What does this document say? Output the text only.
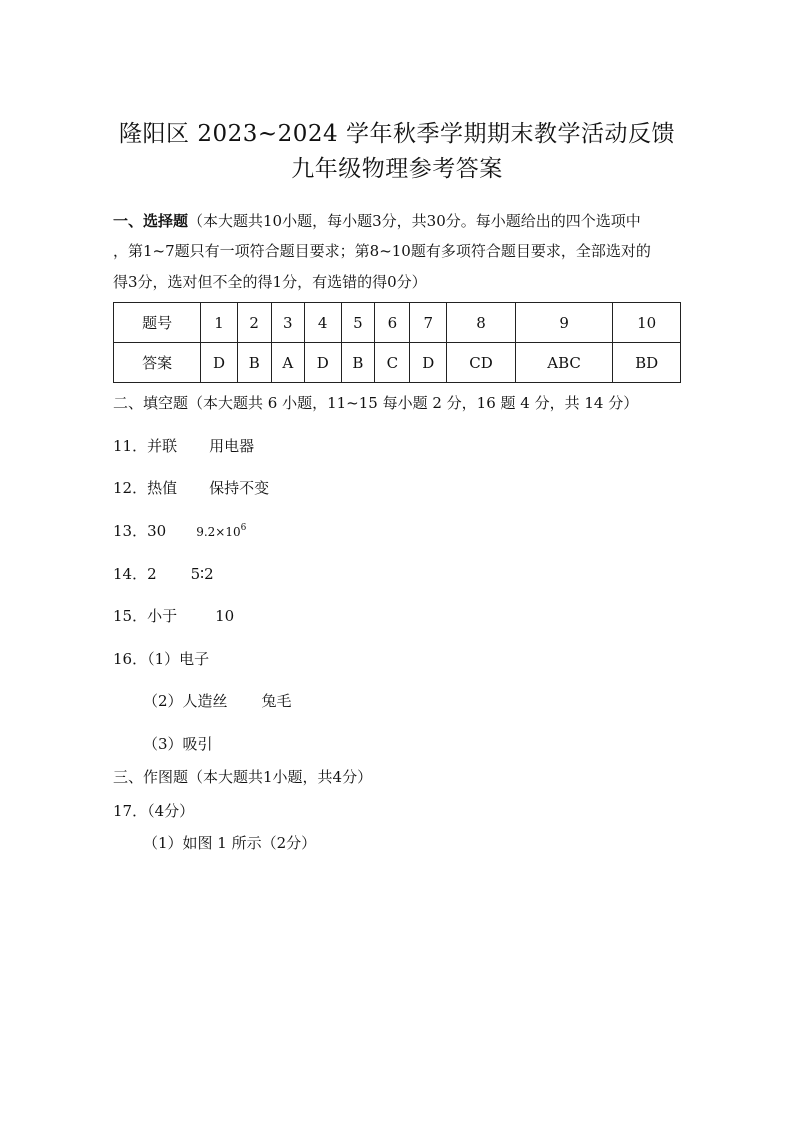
隆阳区 2023~2024 学年秋季学期期末教学活动反馈
九年级物理参考答案
一、选择题（本大题共10小题，每小题3分，共30分。每小题给出的四个选项中
，第1~7题只有一项符合题目要求；第8~10题有多项符合题目要求，全部选对的
得3分，选对但不全的得1分，有选错的得0分）
题号	1	2	3	4	5	6	7	8	9	10
答案	D	B	A	D	B	C	D	CD	ABC	BD
二、填空题（本大题共 6 小题，11~15 每小题 2 分，16 题 4 分，共 14 分）
11．并联 用电器
12．热值 保持不变
13．30	$9.2\times 10^6$
14．2 5∶2
15．小于	10
16．（1）电子
（2）人造丝 兔毛
（3）吸引
三、作图题（本大题共1小题，共4分）
17．（4分）
（1）如图 1 所示（2分）
